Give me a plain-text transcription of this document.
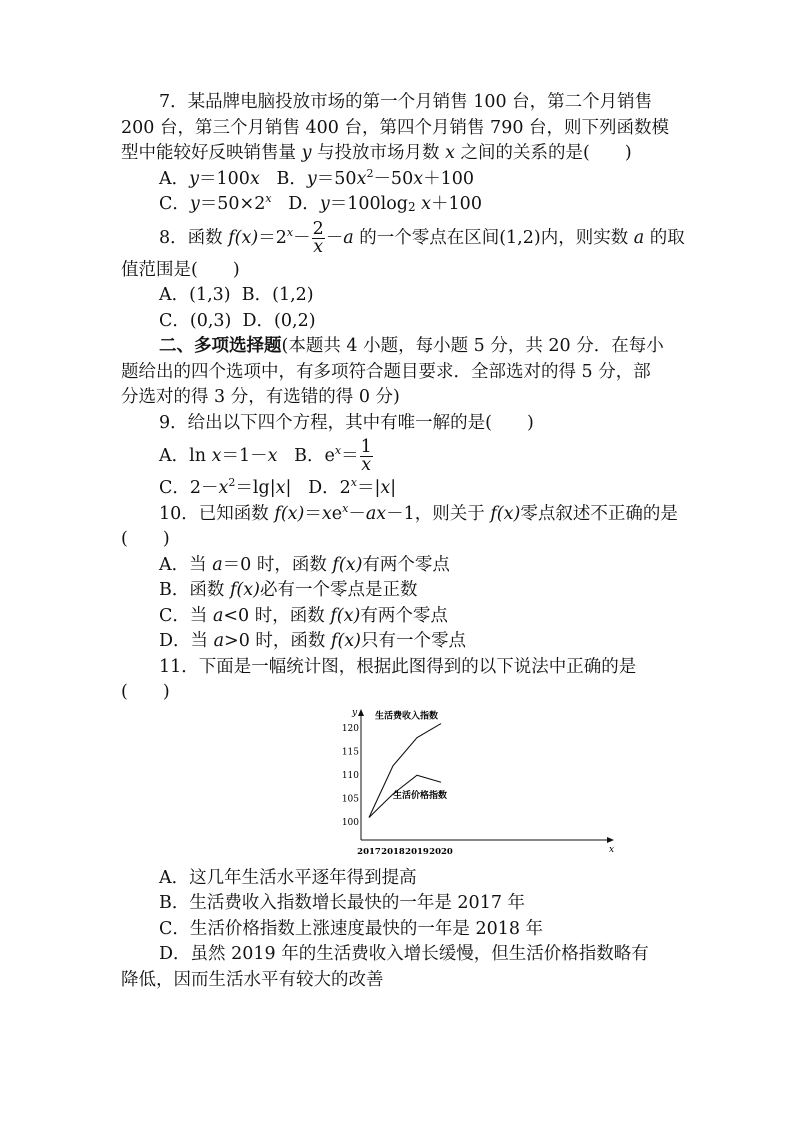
7．某品牌电脑投放市场的第一个月销售 100 台，第二个月销售
200 台，第三个月销售 400 台，第四个月销售 790 台，则下列函数模
型中能较好反映销售量 y 与投放市场月数 x 之间的关系的是(　　)
A．y＝100x B．$y=50x^2-50x+100$
C．$y=50\times 2^x$ D．y＝100log2 x＋100
8．函数 $f(x)=2^x- \frac{2}{x} -a$ 的一个零点在区间(1,2)内，则实数 a 的取
值范围是(　　)
A．(1,3) B．(1,2)
C．(0,3) D．(0,2)
二、多项选择题(本题共 4 小题，每小题 5 分，共 20 分．在每小
题给出的四个选项中，有多项符合题目要求．全部选对的得 5 分，部
分选对的得 3 分，有选错的得 0 分)
9．给出以下四个方程，其中有唯一解的是(　　)
A．ln x＝1－x B．$e^x= \frac{1}{x}$
C．$2-x^2=\lg|x|$ D．$2^x=|x|$
10．已知函数 $f(x)=xe^x-ax-1$，则关于 f(x)零点叙述不正确的是
(　　)
A．当 a＝0 时，函数 f(x)有两个零点
B．函数 f(x)必有一个零点是正数
C．当 a<0 时，函数 f(x)有两个零点
D．当 a>0 时，函数 f(x)只有一个零点
11．下面是一幅统计图，根据此图得到的以下说法中正确的是
(　　)
y
x
100
105
110
115
120
2017 2018 2019 2020
生活费收入指数
生活价格指数
A．这几年生活水平逐年得到提高
B．生活费收入指数增长最快的一年是 2017 年
C．生活价格指数上涨速度最快的一年是 2018 年
D．虽然 2019 年的生活费收入增长缓慢，但生活价格指数略有
降低，因而生活水平有较大的改善
